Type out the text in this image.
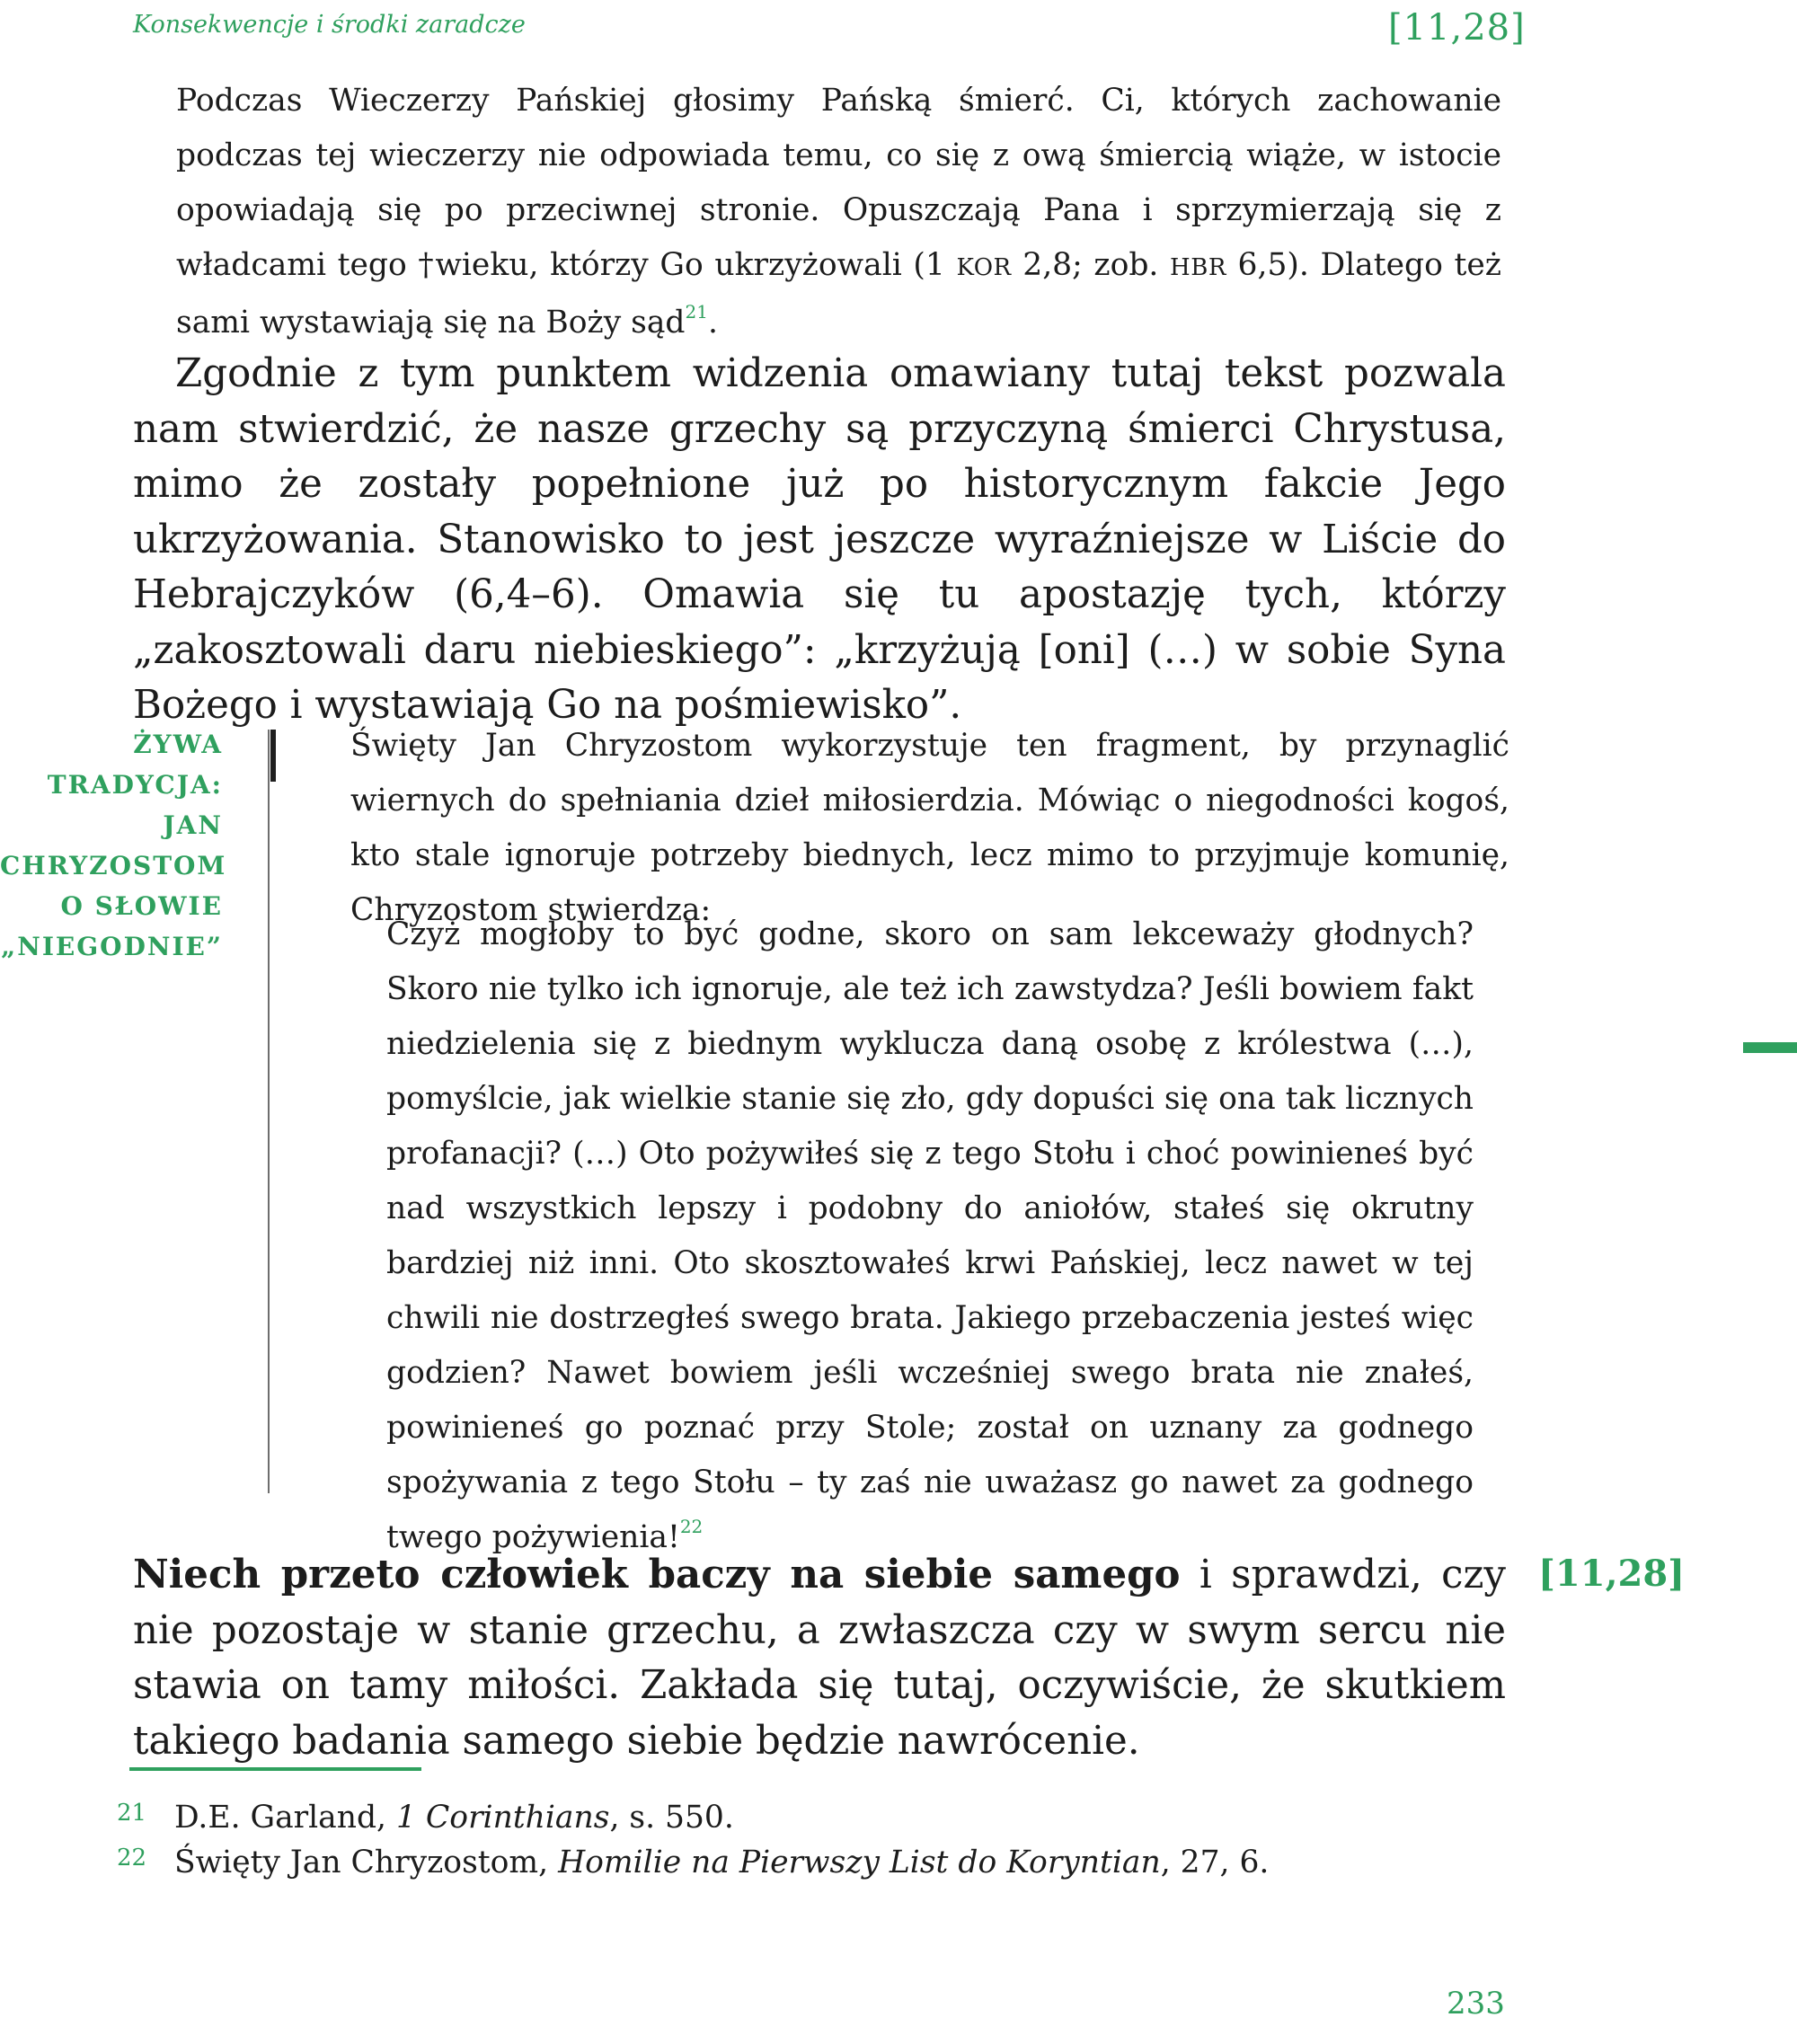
Konsekwencje i środki zaradcze	[11,28]
Podczas Wieczerzy Pańskiej głosimy Pańską śmierć. Ci, których zachowanie podczas tej wieczerzy nie odpowiada temu, co się z ową śmiercią wiąże, w istocie opowiadają się po przeciwnej stronie. Opuszczają Pana i sprzymierzają się z władcami tego †wieku, którzy Go ukrzyżowali (1 KOR 2,8; zob. HBR 6,5). Dlatego też sami wystawiają się na Boży sąd$^{21}$.
Zgodnie z tym punktem widzenia omawiany tutaj tekst pozwala nam stwierdzić, że nasze grzechy są przyczyną śmierci Chrystusa, mimo że zostały popełnione już po historycznym fakcie Jego ukrzyżowania. Stanowisko to jest jeszcze wyraźniejsze w Liście do Hebrajczyków (6,4–6). Omawia się tu apostazję tych, którzy „zakosztowali daru niebieskiego”: „krzyżują [oni] (…) w sobie Syna Bożego i wystawiają Go na pośmiewisko”.
ŻYWA
TRADYCJA:
JAN
CHRYZOSTOM
O SŁOWIE
„NIEGODNIE”
Święty Jan Chryzostom wykorzystuje ten fragment, by przynaglić wiernych do spełniania dzieł miłosierdzia. Mówiąc o niegodności kogoś, kto stale ignoruje potrzeby biednych, lecz mimo to przyjmuje komunię, Chryzostom stwierdza:
Czyż mogłoby to być godne, skoro on sam lekceważy głodnych? Skoro nie tylko ich ignoruje, ale też ich zawstydza? Jeśli bowiem fakt niedzielenia się z biednym wyklucza daną osobę z królestwa (…), pomyślcie, jak wielkie stanie się zło, gdy dopuści się ona tak licznych profanacji? (…) Oto pożywiłeś się z tego Stołu i choć powinieneś być nad wszystkich lepszy i podobny do aniołów, stałeś się okrutny bardziej niż inni. Oto skosztowałeś krwi Pańskiej, lecz nawet w tej chwili nie dostrzegłeś swego brata. Jakiego przebaczenia jesteś więc godzien? Nawet bowiem jeśli wcześniej swego brata nie znałeś, powinieneś go poznać przy Stole; został on uznany za godnego spożywania z tego Stołu – ty zaś nie uważasz go nawet za godnego twego pożywienia!$^{22}$
Niech przeto człowiek baczy na siebie samego i sprawdzi, czy nie pozostaje w stanie grzechu, a zwłaszcza czy w swym sercu nie stawia on tamy miłości. Zakłada się tutaj, oczywiście, że skutkiem takiego badania samego siebie będzie nawrócenie.
[11,28]
21 D.E. Garland, 1 Corinthians, s. 550.
22 Święty Jan Chryzostom, Homilie na Pierwszy List do Koryntian, 27, 6.
233
